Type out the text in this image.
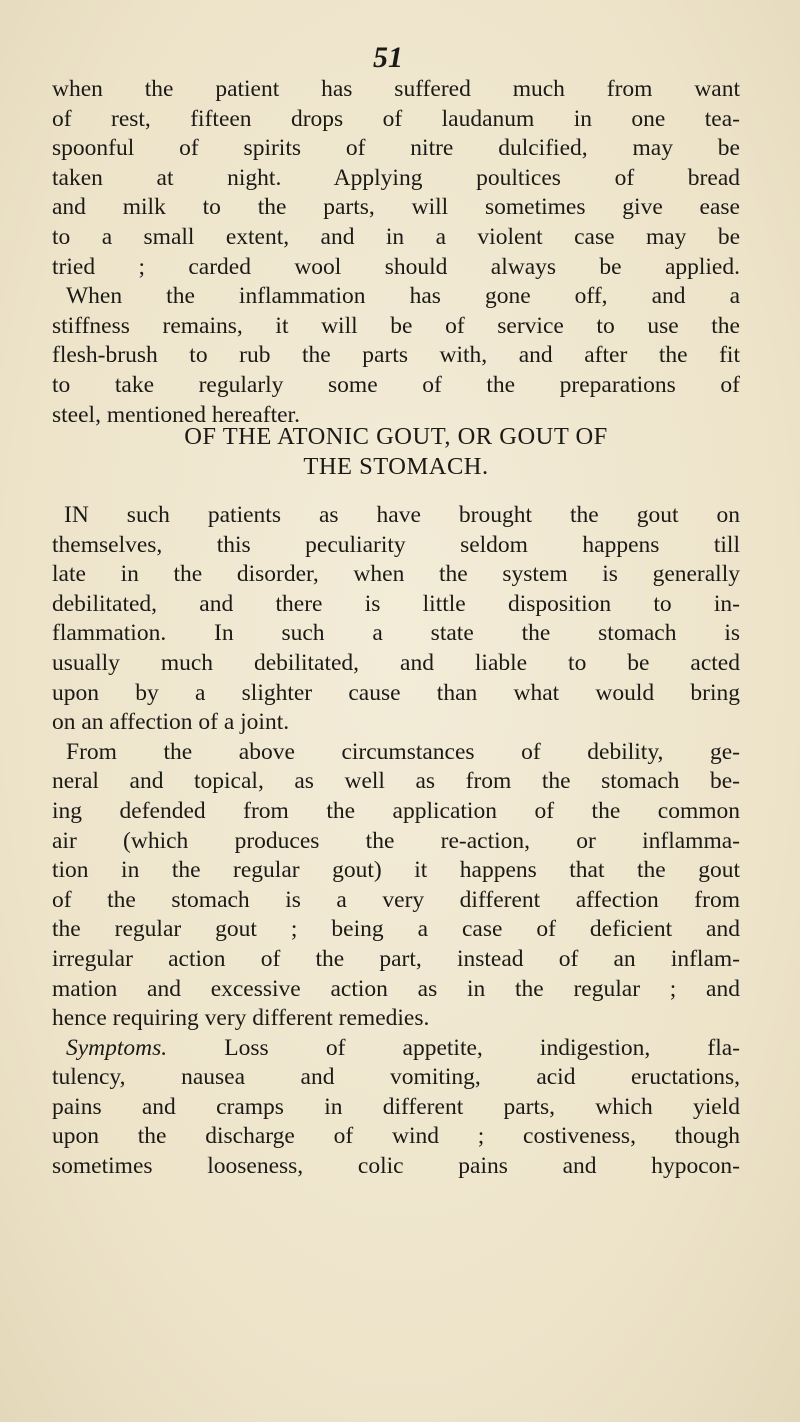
51
when the patient has suffered much from want
of rest, fifteen drops of laudanum in one tea-
spoonful of spirits of nitre dulcified, may be
taken at night. Applying poultices of bread
and milk to the parts, will sometimes give ease
to a small extent, and in a violent case may be
tried ; carded wool should always be applied.
When the inflammation has gone off, and a
stiffness remains, it will be of service to use the
flesh-brush to rub the parts with, and after the fit
to take regularly some of the preparations of
steel, mentioned hereafter.
OF THE ATONIC GOUT, OR GOUT OF
THE STOMACH.
IN such patients as have brought the gout on
themselves, this peculiarity seldom happens till
late in the disorder, when the system is generally
debilitated, and there is little disposition to in-
flammation. In such a state the stomach is
usually much debilitated, and liable to be acted
upon by a slighter cause than what would bring
on an affection of a joint.
From the above circumstances of debility, ge-
neral and topical, as well as from the stomach be-
ing defended from the application of the common
air (which produces the re-action, or inflamma-
tion in the regular gout) it happens that the gout
of the stomach is a very different affection from
the regular gout ; being a case of deficient and
irregular action of the part, instead of an inflam-
mation and excessive action as in the regular ; and
hence requiring very different remedies.
Symptoms. Loss of appetite, indigestion, fla-
tulency, nausea and vomiting, acid eructations,
pains and cramps in different parts, which yield
upon the discharge of wind ; costiveness, though
sometimes looseness, colic pains and hypocon-
